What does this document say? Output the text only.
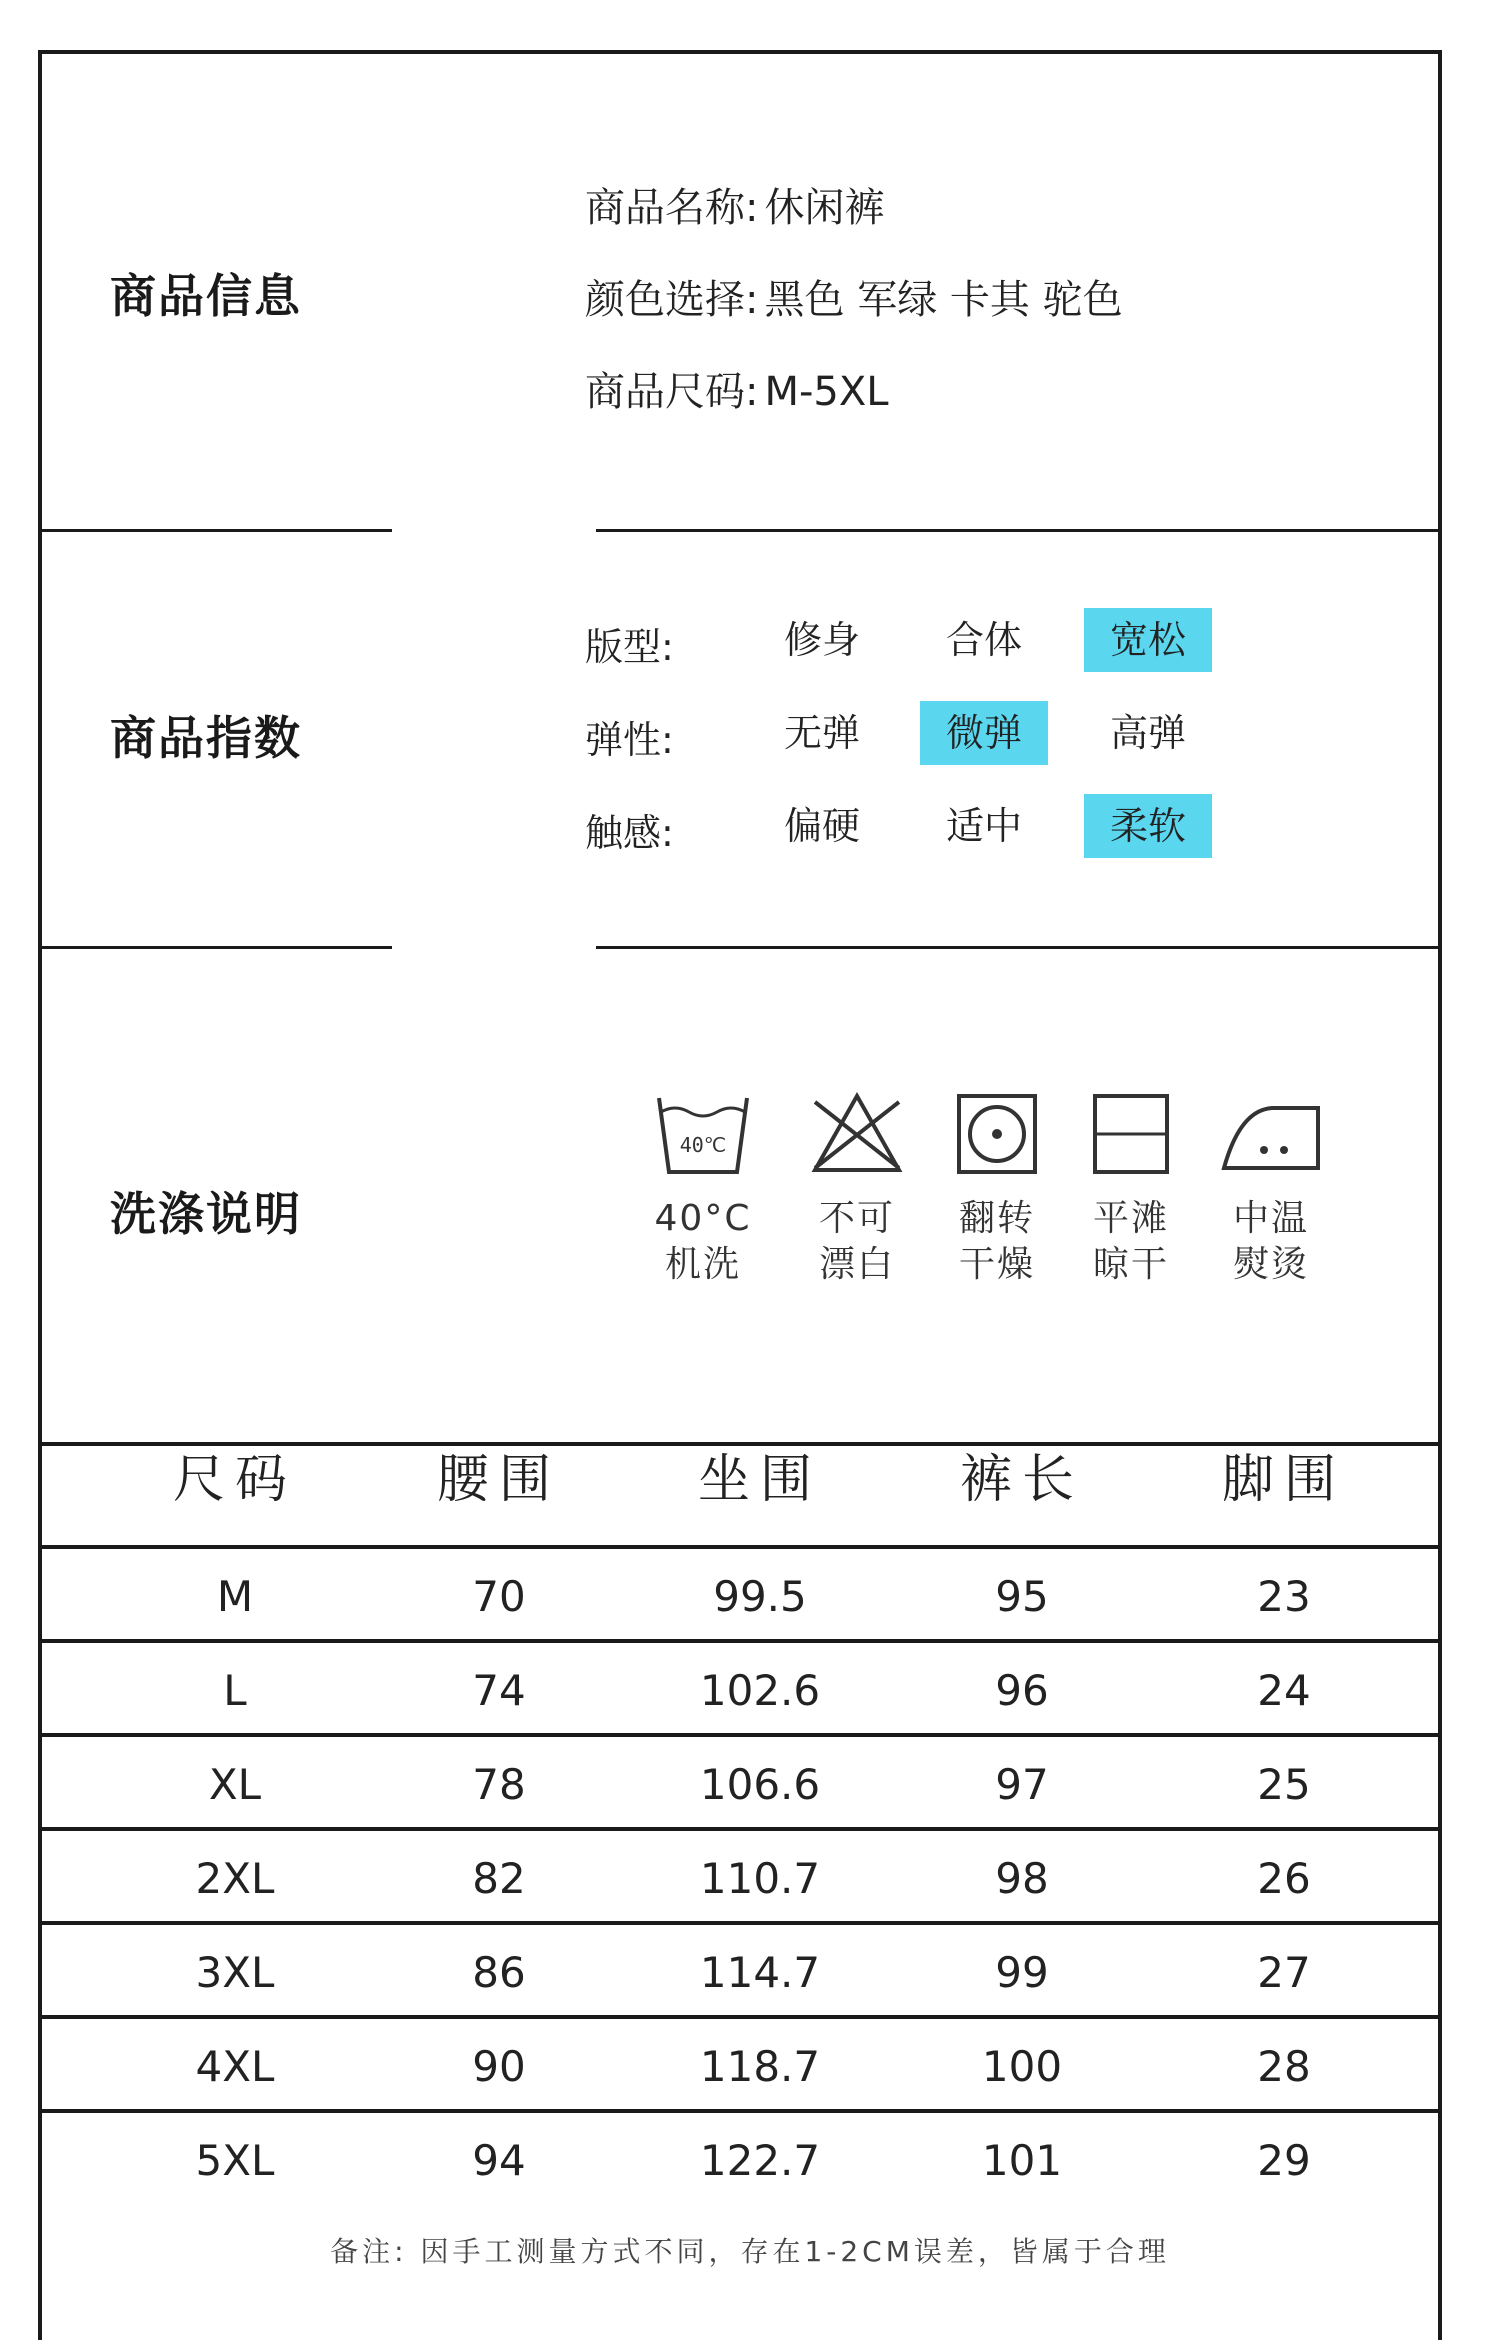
商品信息
商品名称: 休闲裤
颜色选择: 黑色 军绿 卡其 驼色
商品尺码: M-5XL
商品指数
版型:	修身	合体	宽松
弹性:	无弹	微弹	高弹
触感:	偏硬	适中	柔软
洗涤说明
40℃
40°C
机洗
不可
漂白
翻转
干燥
平滩
晾干
中温
熨烫
尺码	腰围	坐围	裤长	脚围
M	70	99.5	95	23
L	74	102.6	96	24
XL	78	106.6	97	25
2XL	82	110.7	98	26
3XL	86	114.7	99	27
4XL	90	118.7	100	28
5XL	94	122.7	101	29
备注: 因手工测量方式不同，存在1-2CM误差，皆属于合理
